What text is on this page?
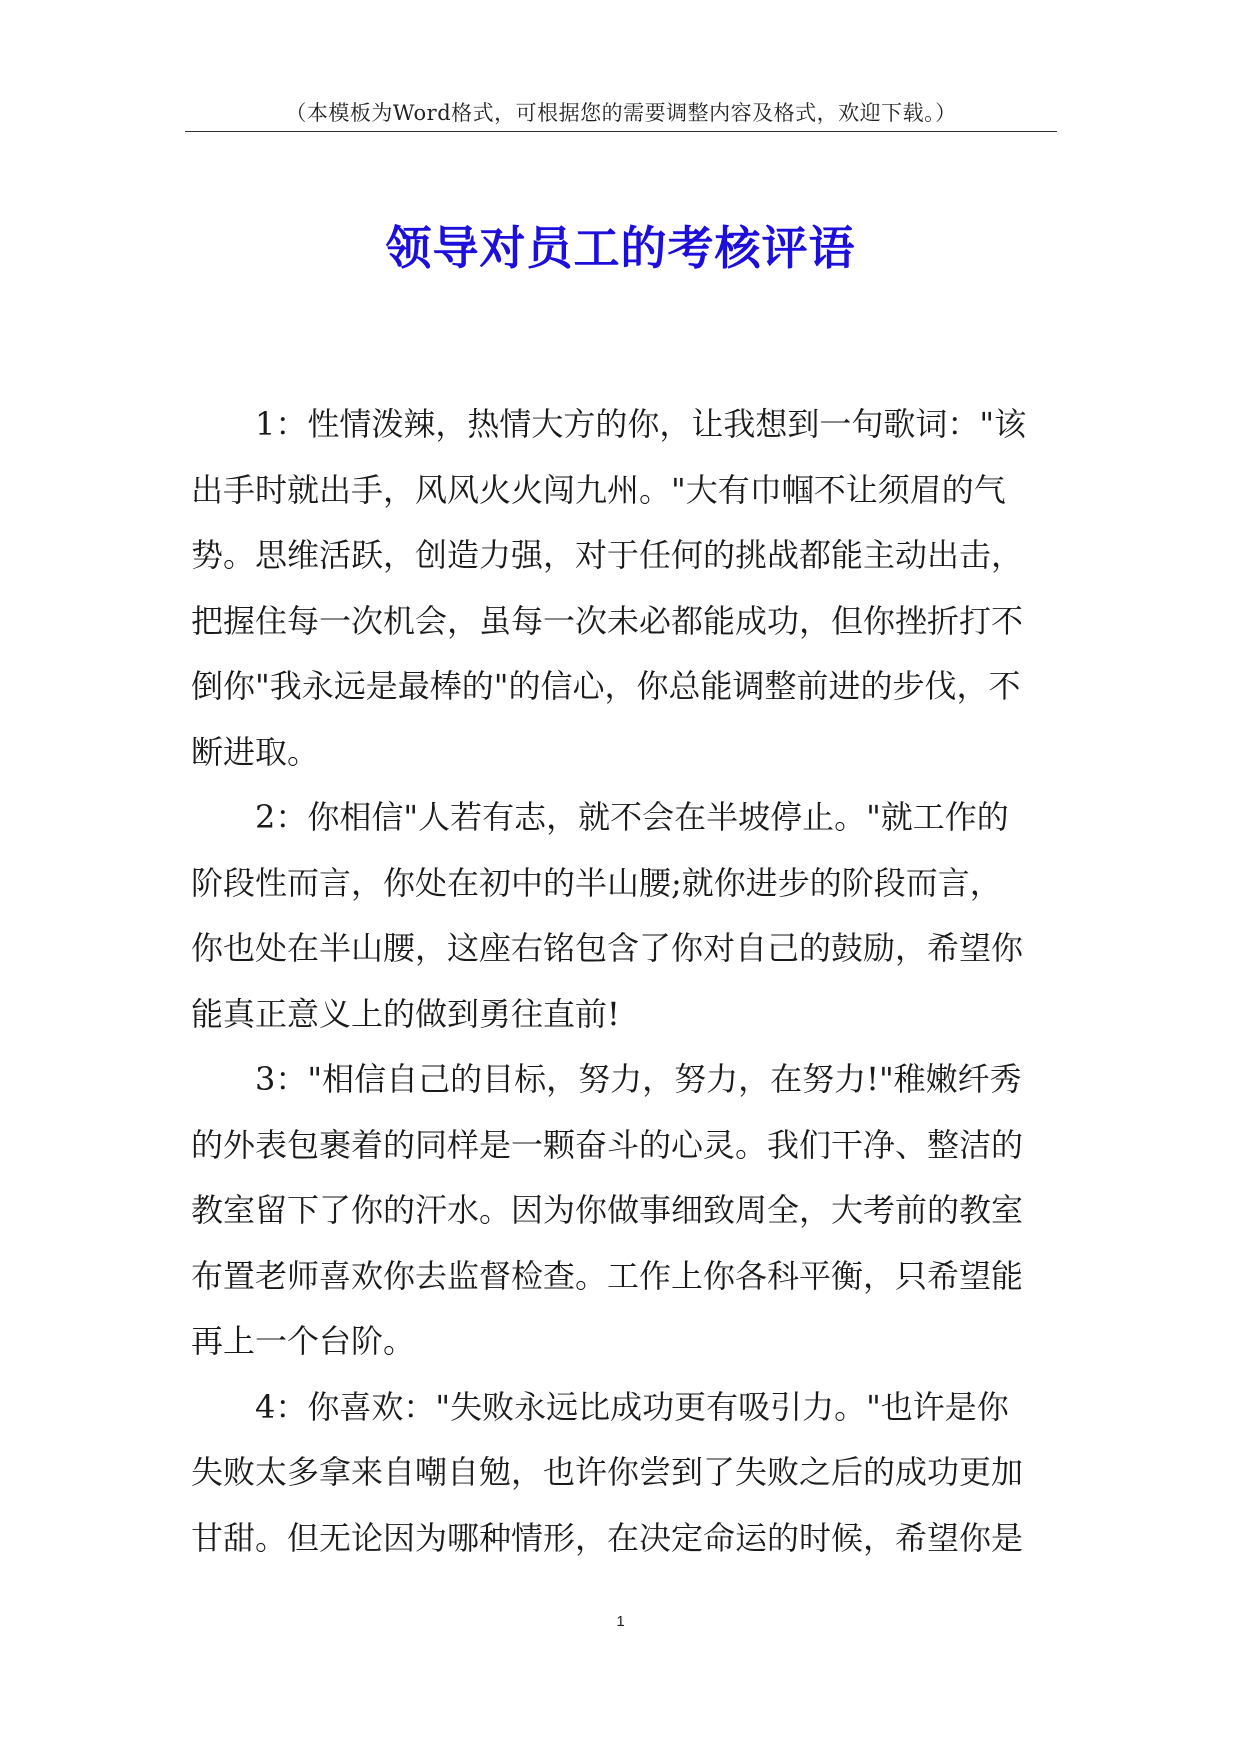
（本模板为Word格式，可根据您的需要调整内容及格式，欢迎下载。）
领导对员工的考核评语
1：性情泼辣，热情大方的你，让我想到一句歌词："该
出手时就出手，风风火火闯九州。"大有巾帼不让须眉的气
势。思维活跃，创造力强，对于任何的挑战都能主动出击，
把握住每一次机会，虽每一次未必都能成功，但你挫折打不
倒你"我永远是最棒的"的信心，你总能调整前进的步伐，不
断进取。
2：你相信"人若有志，就不会在半坡停止。"就工作的
阶段性而言，你处在初中的半山腰;就你进步的阶段而言，
你也处在半山腰，这座右铭包含了你对自己的鼓励，希望你
能真正意义上的做到勇往直前!
3："相信自己的目标，努力，努力，在努力!"稚嫩纤秀
的外表包裹着的同样是一颗奋斗的心灵。我们干净、整洁的
教室留下了你的汗水。因为你做事细致周全，大考前的教室
布置老师喜欢你去监督检查。工作上你各科平衡，只希望能
再上一个台阶。
4：你喜欢："失败永远比成功更有吸引力。"也许是你
失败太多拿来自嘲自勉，也许你尝到了失败之后的成功更加
甘甜。但无论因为哪种情形，在决定命运的时候，希望你是
1
